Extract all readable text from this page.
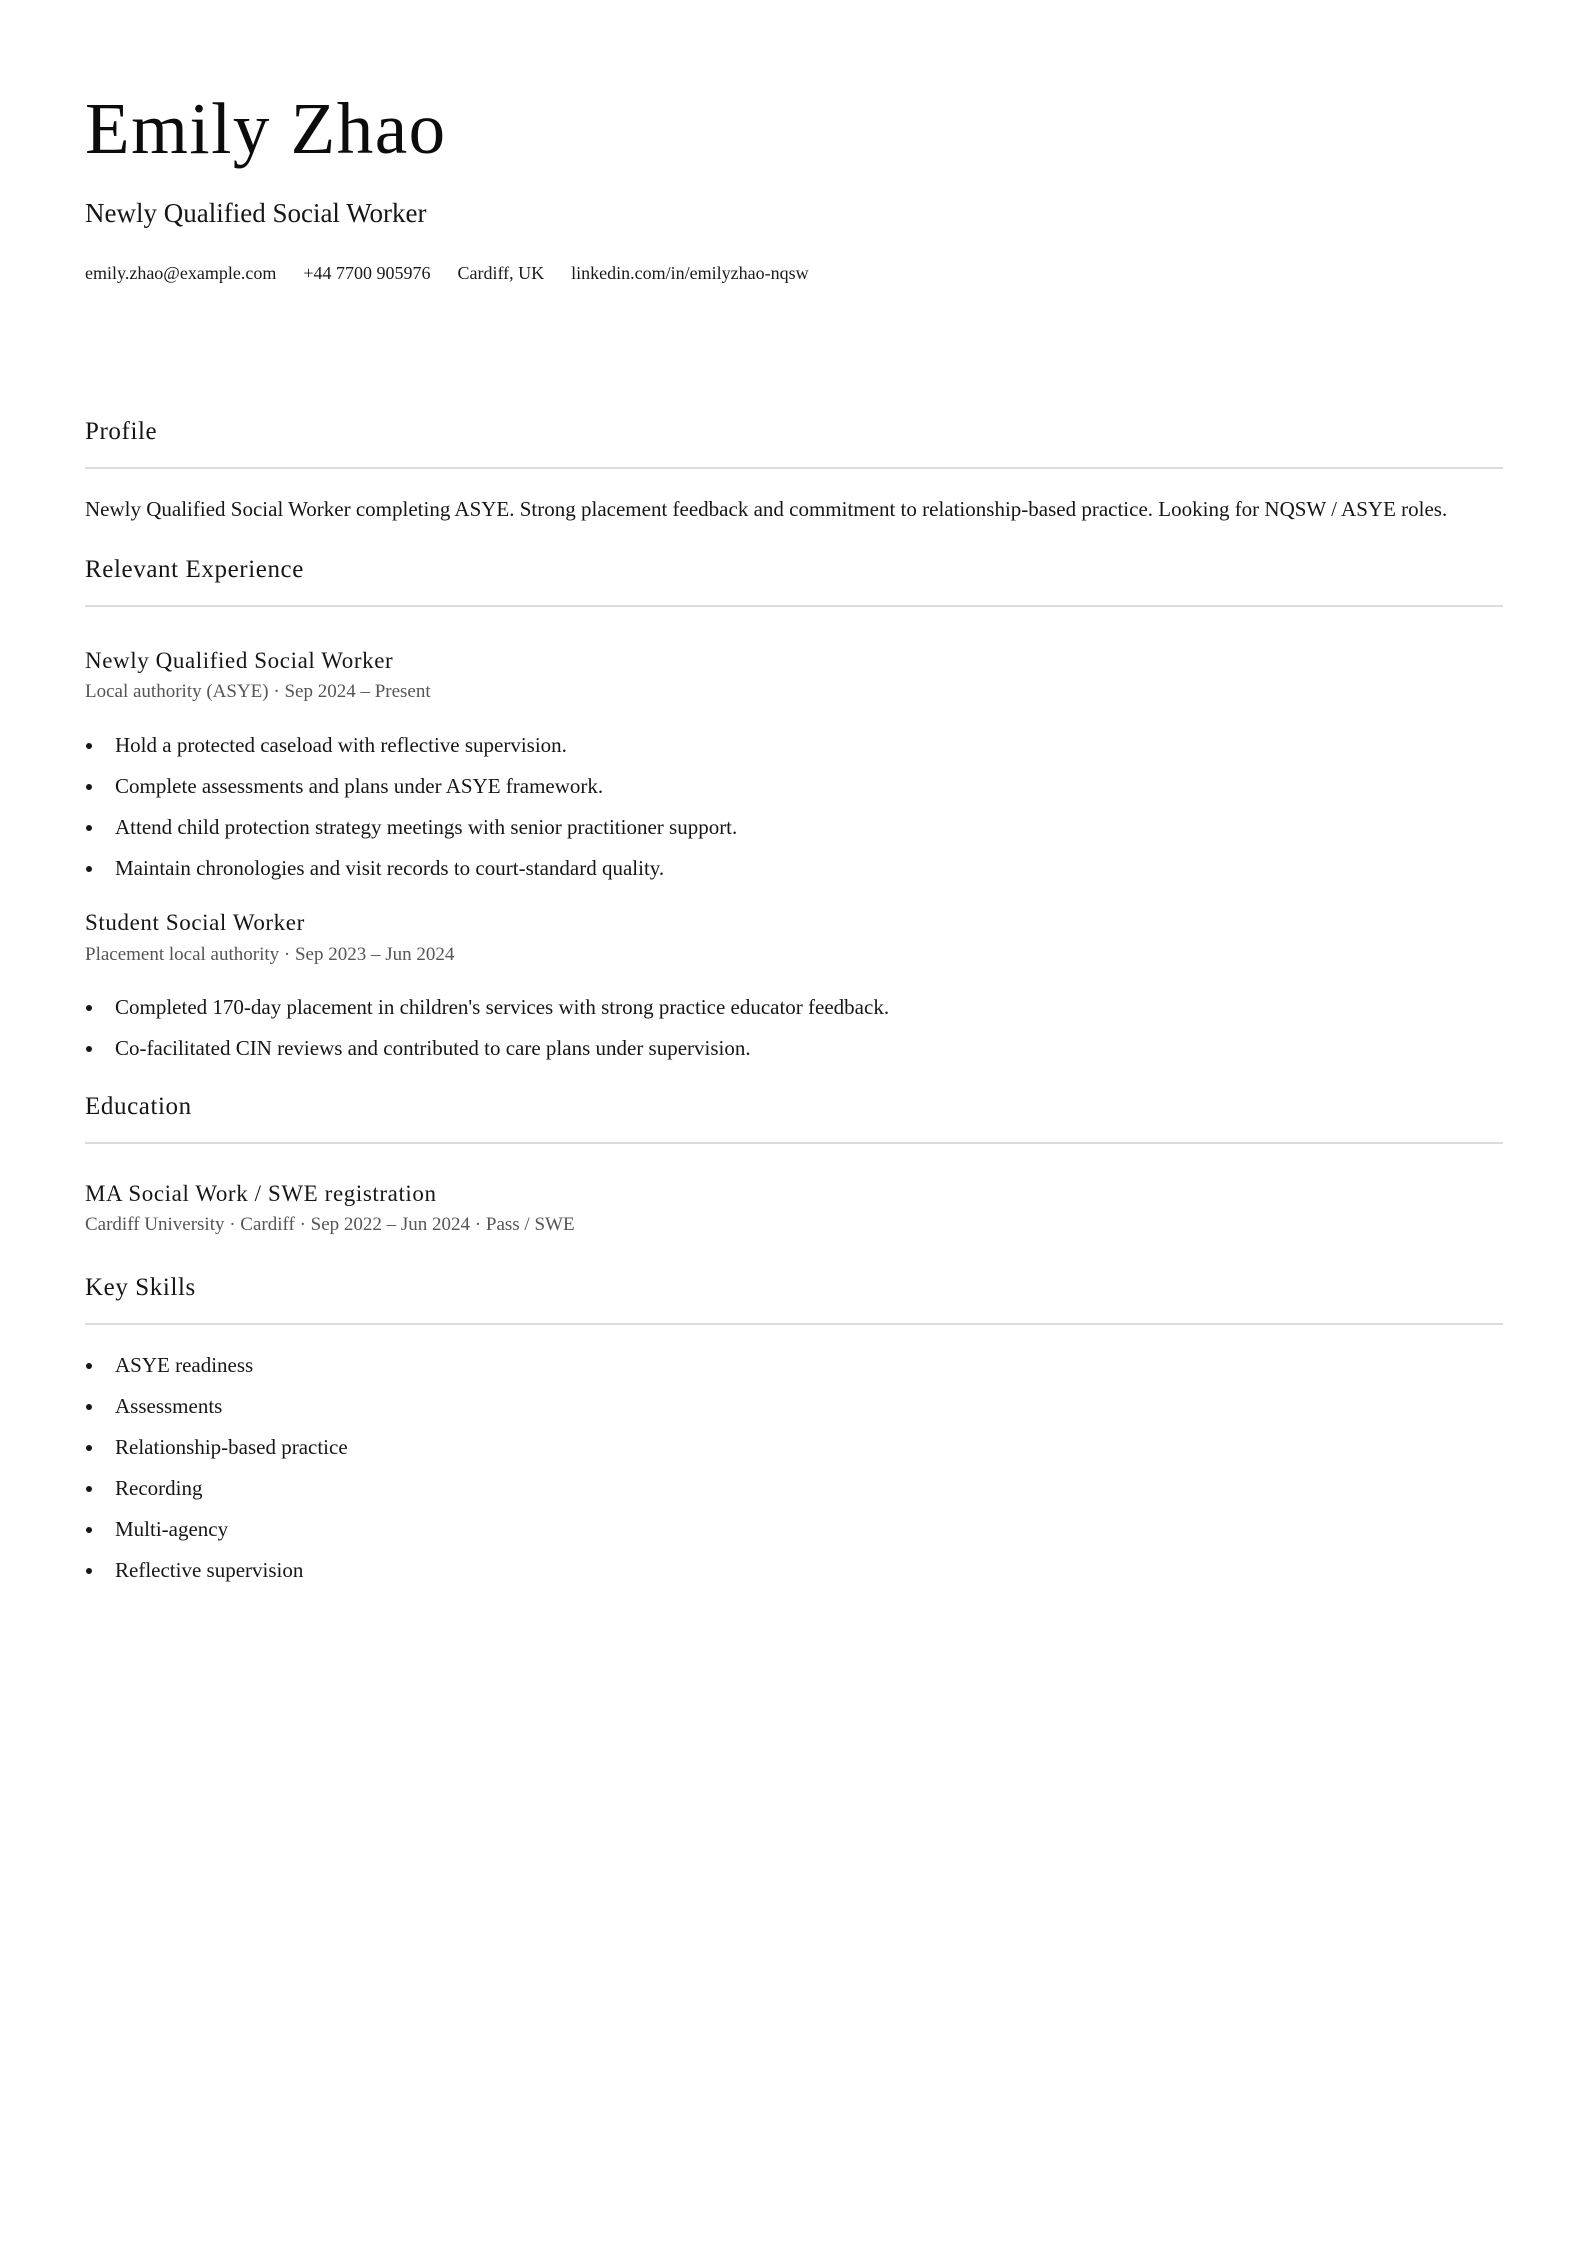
Emily Zhao

Newly Qualified Social Worker

emily.zhao@example.com +44 7700 905976 Cardiff, UK linkedin.com/in/emilyzhao-nqsw
Profile

Newly Qualified Social Worker completing ASYE. Strong placement feedback and commitment to relationship-based practice. Looking for NQSW / ASYE roles.

Relevant Experience
Newly Qualified Social Worker

Local authority (ASYE) · Sep 2024 – Present

Hold a protected caseload with reflective supervision.
Complete assessments and plans under ASYE framework.
Attend child protection strategy meetings with senior practitioner support.
Maintain chronologies and visit records to court-standard quality.
Student Social Worker

Placement local authority · Sep 2023 – Jun 2024

Completed 170-day placement in children's services with strong practice educator feedback.
Co-facilitated CIN reviews and contributed to care plans under supervision.
Education
MA Social Work / SWE registration

Cardiff University · Cardiff · Sep 2022 – Jun 2024 · Pass / SWE

Key Skills
ASYE readiness
Assessments
Relationship-based practice
Recording
Multi-agency
Reflective supervision
